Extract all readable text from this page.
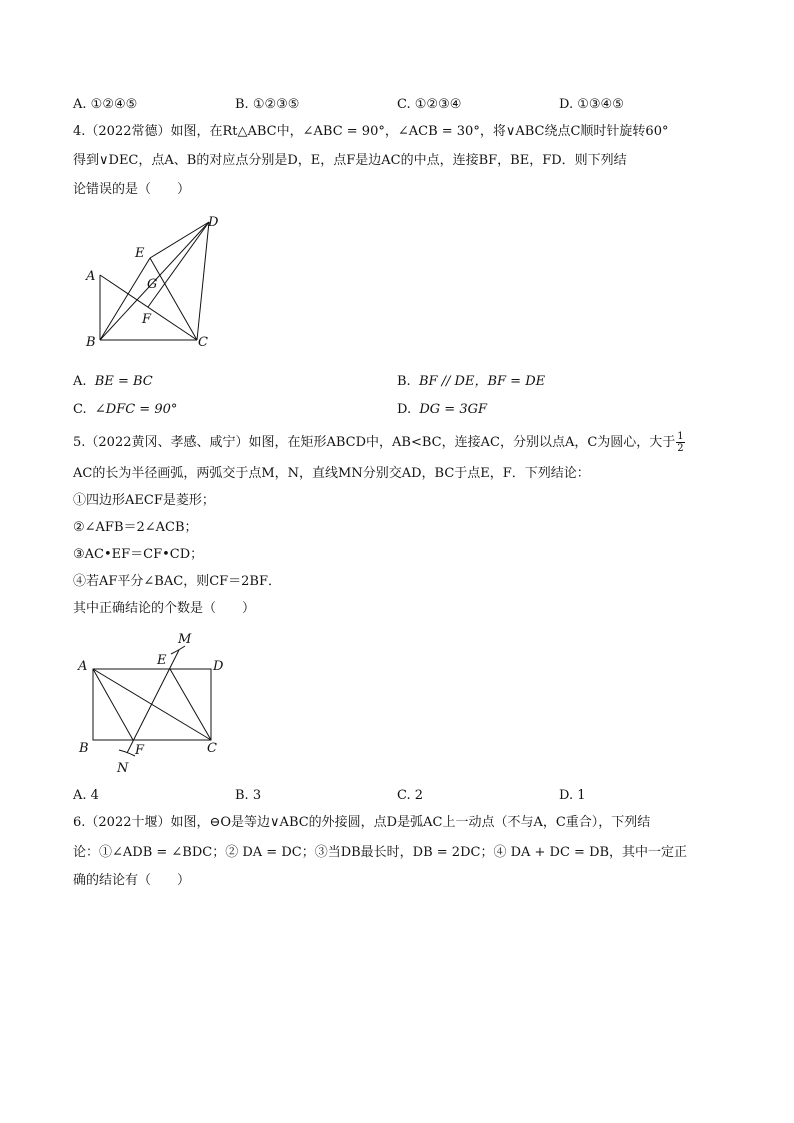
A. ①②④⑤	B. ①②③⑤	C. ①②③④	D. ①③④⑤
4.（2022常德）如图，在Rt△ABC中，∠ABC = 90°，∠ACB = 30°，将∨ABC绕点C顺时针旋转60°
得到∨DEC，点A、B的对应点分别是D，E，点F是边AC的中点，连接BF，BE，FD．则下列结
论错误的是（　　）
A
B	C
D
E
F
G
A. BE = BC	B. BF // DE，BF = DE
C. ∠DFC = 90°	D. DG = 3GF
5.（2022黄冈、孝感、咸宁）如图，在矩形ABCD中，AB<BC，连接AC，分别以点A，C为圆心，大于 $\frac{1}{2}$
AC的长为半径画弧，两弧交于点M，N，直线MN分别交AD，BC于点E，F．下列结论：
①四边形AECF是菱形；
②∠AFB＝2∠ACB；
③AC•EF＝CF•CD；
④若AF平分∠BAC，则CF＝2BF．
其中正确结论的个数是（　　）
M
E
A	D
B	F	C
N
A. 4	B. 3	C. 2	D. 1
6.（2022十堰）如图，⊖O是等边∨ABC的外接圆，点D是弧AC上一动点（不与A，C重合），下列结
论：①∠ADB = ∠BDC；② DA = DC；③当DB最长时，DB = 2DC；④ DA + DC = DB，其中一定正
确的结论有（　　）
